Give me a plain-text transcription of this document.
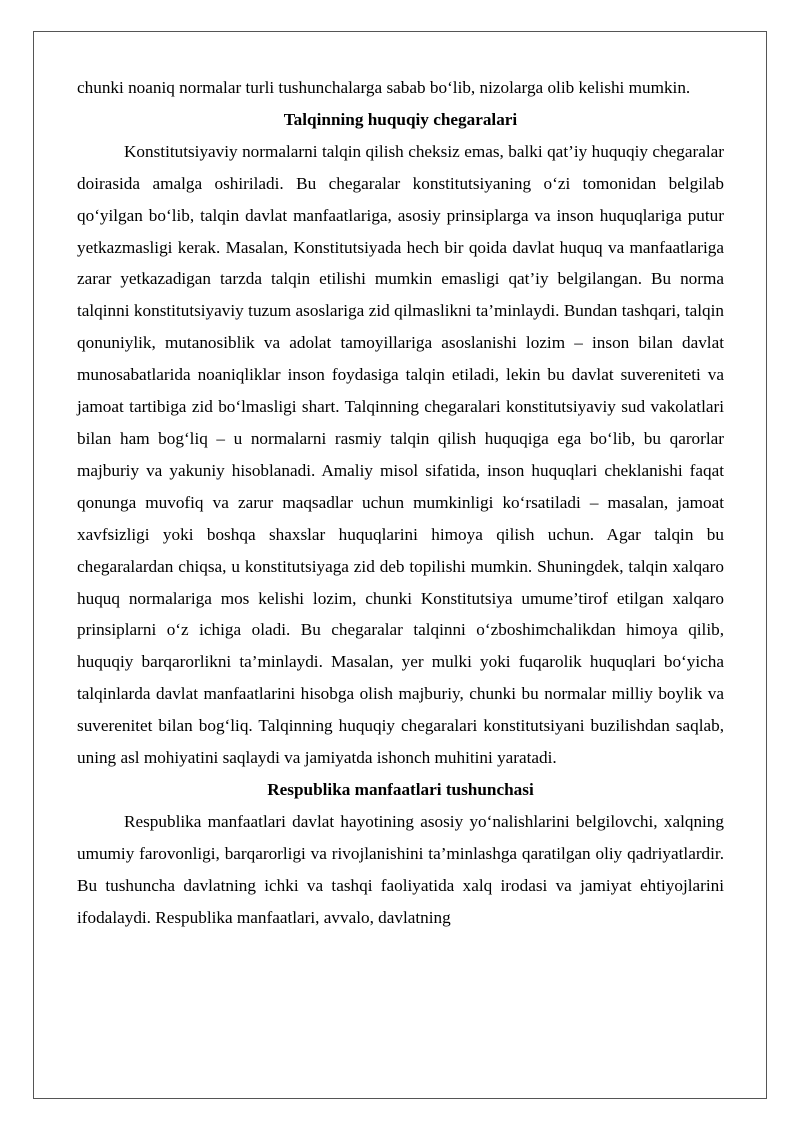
chunki noaniq normalar turli tushunchalarga sabab bo‘lib, nizolarga olib kelishi mumkin.

Talqinning huquqiy chegaralari

Konstitutsiyaviy normalarni talqin qilish cheksiz emas, balki qat’iy huquqiy chegaralar doirasida amalga oshiriladi. Bu chegaralar konstitutsiyaning o‘zi tomonidan belgilab qo‘yilgan bo‘lib, talqin davlat manfaatlariga, asosiy prinsiplarga va inson huquqlariga putur yetkazmasligi kerak. Masalan, Konstitutsiyada hech bir qoida davlat huquq va manfaatlariga zarar yetkazadigan tarzda talqin etilishi mumkin emasligi qat’iy belgilangan. Bu norma talqinni konstitutsiyaviy tuzum asoslariga zid qilmaslikni ta’minlaydi. Bundan tashqari, talqin qonuniylik, mutanosiblik va adolat tamoyillariga asoslanishi lozim – inson bilan davlat munosabatlarida noaniqliklar inson foydasiga talqin etiladi, lekin bu davlat suvereniteti va jamoat tartibiga zid bo‘lmasligi shart. Talqinning chegaralari konstitutsiyaviy sud vakolatlari bilan ham bog‘liq – u normalarni rasmiy talqin qilish huquqiga ega bo‘lib, bu qarorlar majburiy va yakuniy hisoblanadi. Amaliy misol sifatida, inson huquqlari cheklanishi faqat qonunga muvofiq va zarur maqsadlar uchun mumkinligi ko‘rsatiladi – masalan, jamoat xavfsizligi yoki boshqa shaxslar huquqlarini himoya qilish uchun. Agar talqin bu chegaralardan chiqsa, u konstitutsiyaga zid deb topilishi mumkin. Shuningdek, talqin xalqaro huquq normalariga mos kelishi lozim, chunki Konstitutsiya umume’tirof etilgan xalqaro prinsiplarni o‘z ichiga oladi. Bu chegaralar talqinni o‘zboshimchalikdan himoya qilib, huquqiy barqarorlikni ta’minlaydi. Masalan, yer mulki yoki fuqarolik huquqlari bo‘yicha talqinlarda davlat manfaatlarini hisobga olish majburiy, chunki bu normalar milliy boylik va suverenitet bilan bog‘liq. Talqinning huquqiy chegaralari konstitutsiyani buzilishdan saqlab, uning asl mohiyatini saqlaydi va jamiyatda ishonch muhitini yaratadi.

Respublika manfaatlari tushunchasi

Respublika manfaatlari davlat hayotining asosiy yo‘nalishlarini belgilovchi, xalqning umumiy farovonligi, barqarorligi va rivojlanishini ta’minlashga qaratilgan oliy qadriyatlardir. Bu tushuncha davlatning ichki va tashqi faoliyatida xalq irodasi va jamiyat ehtiyojlarini ifodalaydi. Respublika manfaatlari, avvalo, davlatning
